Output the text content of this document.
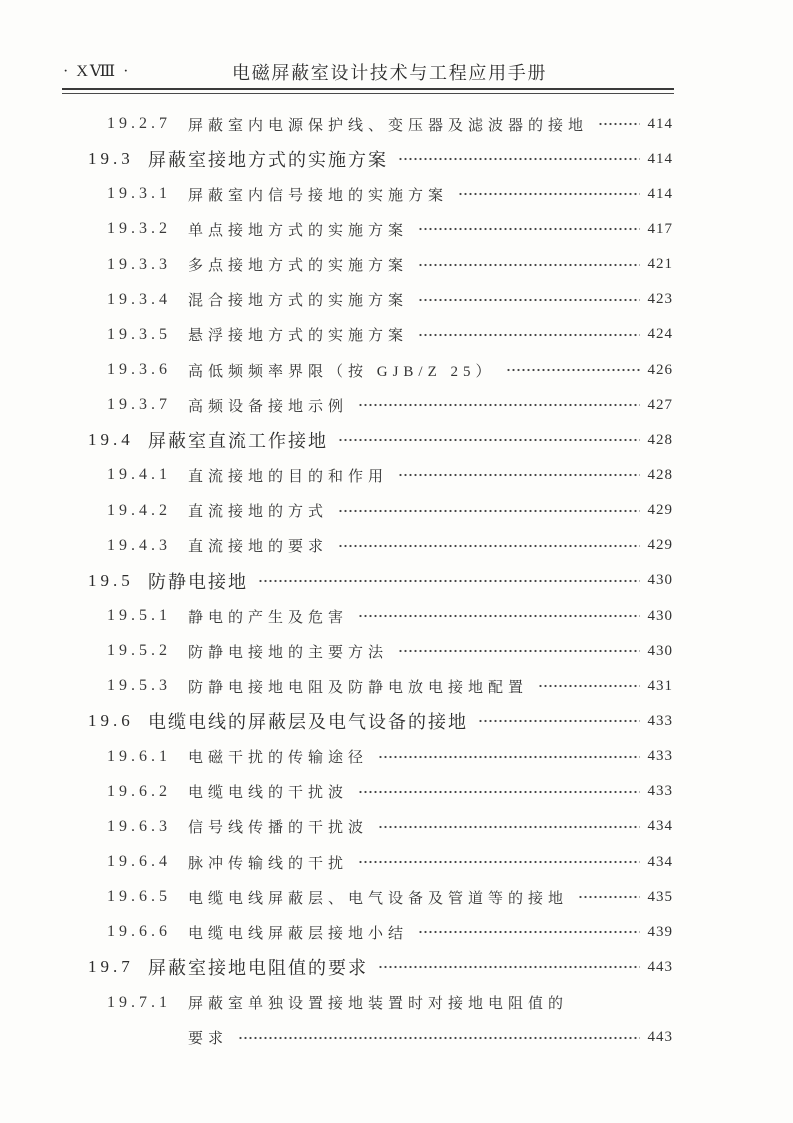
· XⅧ ·	电磁屏蔽室设计技术与工程应用手册
19.2.7	屏蔽室内电源保护线、变压器及滤波器的接地	414
19.3 屏蔽室接地方式的实施方案	414
19.3.1	屏蔽室内信号接地的实施方案	414
19.3.2	单点接地方式的实施方案	417
19.3.3	多点接地方式的实施方案	421
19.3.4	混合接地方式的实施方案	423
19.3.5	悬浮接地方式的实施方案	424
19.3.6	高低频频率界限（按 GJB/Z 25）	426
19.3.7	高频设备接地示例	427
19.4 屏蔽室直流工作接地	428
19.4.1	直流接地的目的和作用	428
19.4.2	直流接地的方式	429
19.4.3	直流接地的要求	429
19.5 防静电接地	430
19.5.1	静电的产生及危害	430
19.5.2	防静电接地的主要方法	430
19.5.3	防静电接地电阻及防静电放电接地配置	431
19.6 电缆电线的屏蔽层及电气设备的接地	433
19.6.1	电磁干扰的传输途径	433
19.6.2	电缆电线的干扰波	433
19.6.3	信号线传播的干扰波	434
19.6.4	脉冲传输线的干扰	434
19.6.5	电缆电线屏蔽层、电气设备及管道等的接地	435
19.6.6	电缆电线屏蔽层接地小结	439
19.7 屏蔽室接地电阻值的要求	443
19.7.1	屏蔽室单独设置接地装置时对接地电阻值的
要求	443
